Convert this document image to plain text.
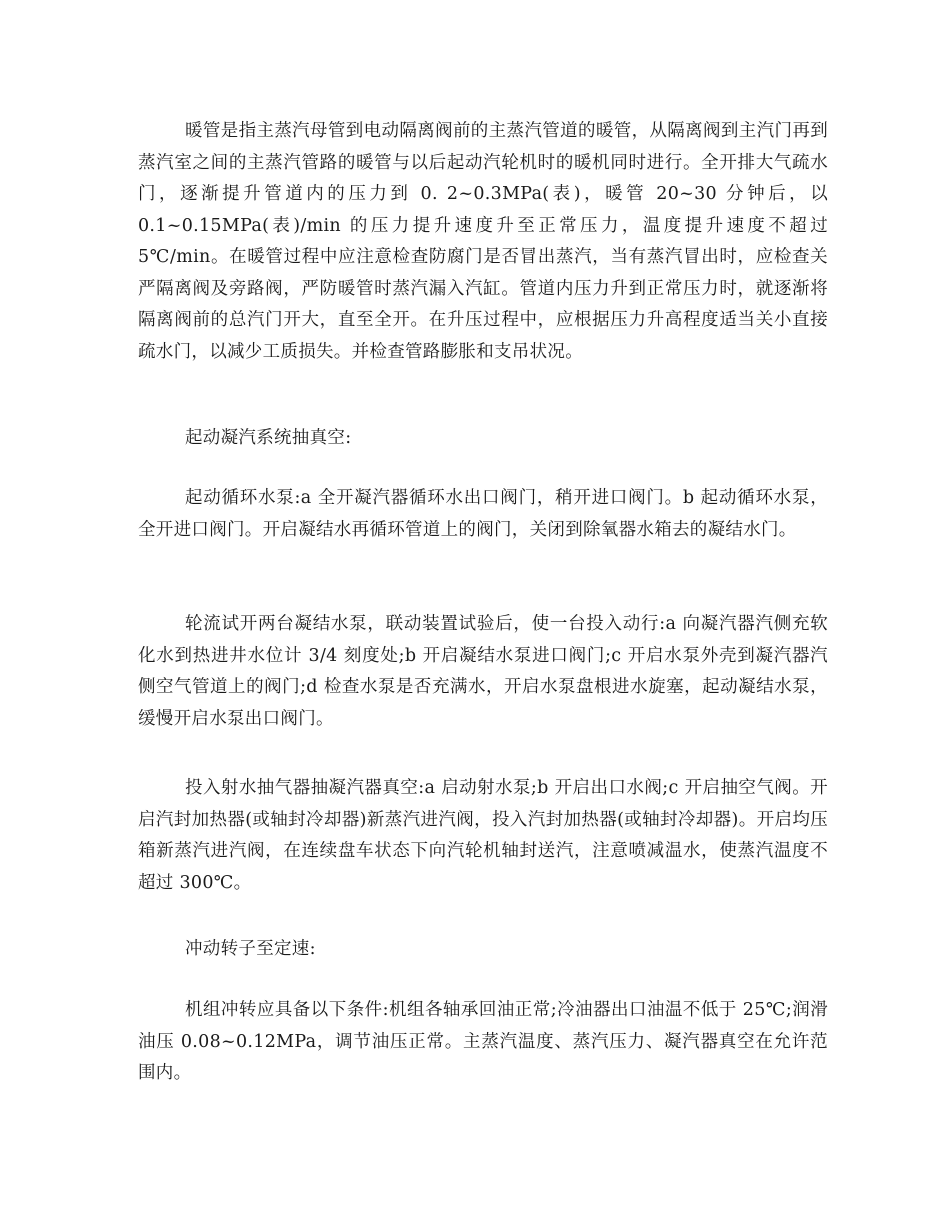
暖管是指主蒸汽母管到电动隔离阀前的主蒸汽管道的暖管，从隔离阀到主汽门再到蒸汽室之间的主蒸汽管路的暖管与以后起动汽轮机时的暖机同时进行。全开排大气疏水门，逐渐提升管道内的压力到 0. 2~0.3MPa(表)，暖管 20~30 分钟后，以 0.1~0.15MPa(表)/min 的压力提升速度升至正常压力，温度提升速度不超过 5℃/min。在暖管过程中应注意检查防腐门是否冒出蒸汽，当有蒸汽冒出时，应检查关严隔离阀及旁路阀，严防暖管时蒸汽漏入汽缸。管道内压力升到正常压力时，就逐渐将隔离阀前的总汽门开大，直至全开。在升压过程中，应根据压力升高程度适当关小直接疏水门，以减少工质损失。并检查管路膨胀和支吊状况。

起动凝汽系统抽真空:

起动循环水泵:a 全开凝汽器循环水出口阀门，稍开进口阀门。b 起动循环水泵，全开进口阀门。开启凝结水再循环管道上的阀门，关闭到除氧器水箱去的凝结水门。

轮流试开两台凝结水泵，联动装置试验后，使一台投入动行:a 向凝汽器汽侧充软化水到热进井水位计 3/4 刻度处;b 开启凝结水泵进口阀门;c 开启水泵外壳到凝汽器汽侧空气管道上的阀门;d 检查水泵是否充满水，开启水泵盘根进水旋塞，起动凝结水泵，缓慢开启水泵出口阀门。

投入射水抽气器抽凝汽器真空:a 启动射水泵;b 开启出口水阀;c 开启抽空气阀。开启汽封加热器(或轴封冷却器)新蒸汽进汽阀，投入汽封加热器(或轴封冷却器)。开启均压箱新蒸汽进汽阀，在连续盘车状态下向汽轮机轴封送汽，注意喷减温水，使蒸汽温度不超过 300℃。

冲动转子至定速:

机组冲转应具备以下条件:机组各轴承回油正常;冷油器出口油温不低于 25℃;润滑油压 0.08~0.12MPa，调节油压正常。主蒸汽温度、蒸汽压力、凝汽器真空在允许范围内。
